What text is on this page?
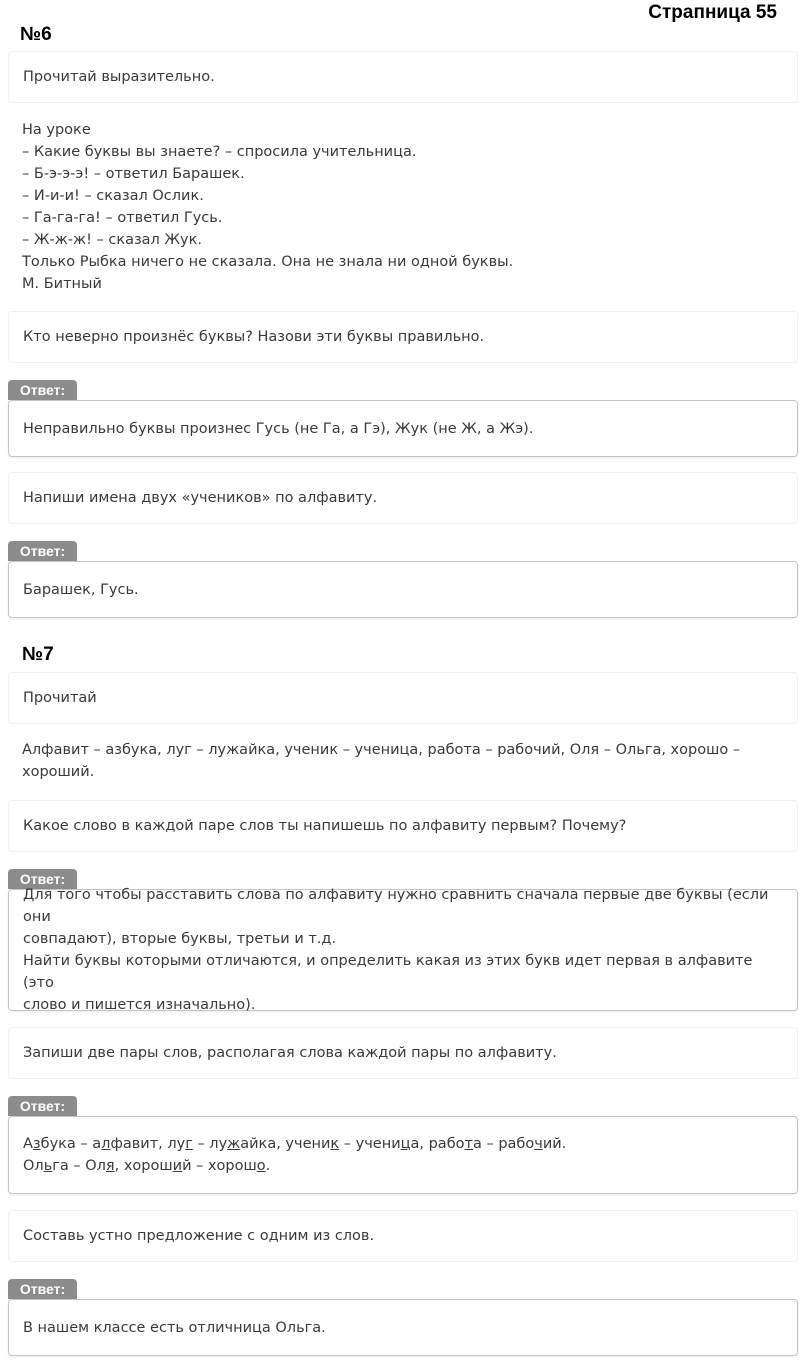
Страпница 55
№6
Прочитай выразительно.
На уроке
– Какие буквы вы знаете? – спросила учительница.
– Б-э-э-э! – ответил Барашек.
– И-и-и! – сказал Ослик.
– Га-га-га! – ответил Гусь.
– Ж-ж-ж! – сказал Жук.
Только Рыбка ничего не сказала. Она не знала ни одной буквы.
М. Битный
Кто неверно произнёс буквы? Назови эти буквы правильно.
Ответ:
Неправильно буквы произнес Гусь (не Га, а Гэ), Жук (не Ж, а Жэ).
Напиши имена двух «учеников» по алфавиту.
Ответ:
Барашек, Гусь.
№7
Прочитай
Алфавит – азбука, луг – лужайка, ученик – ученица, работа – рабочий, Оля – Ольга, хорошо –
хороший.
Какое слово в каждой паре слов ты напишешь по алфавиту первым? Почему?
Ответ:
Для того чтобы расставить слова по алфавиту нужно сравнить сначала первые две буквы (если они
совпадают), вторые буквы, третьи и т.д.
Найти буквы которыми отличаются, и определить какая из этих букв идет первая в алфавите (это
слово и пишется изначально).
Запиши две пары слов, располагая слова каждой пары по алфавиту.
Ответ:
Азбука – алфавит, луг – лужайка, ученик – ученица, работа – рабочий.
Ольга – Оля, хороший – хорошо.
Составь устно предложение с одним из слов.
Ответ:
В нашем классе есть отличница Ольга.
